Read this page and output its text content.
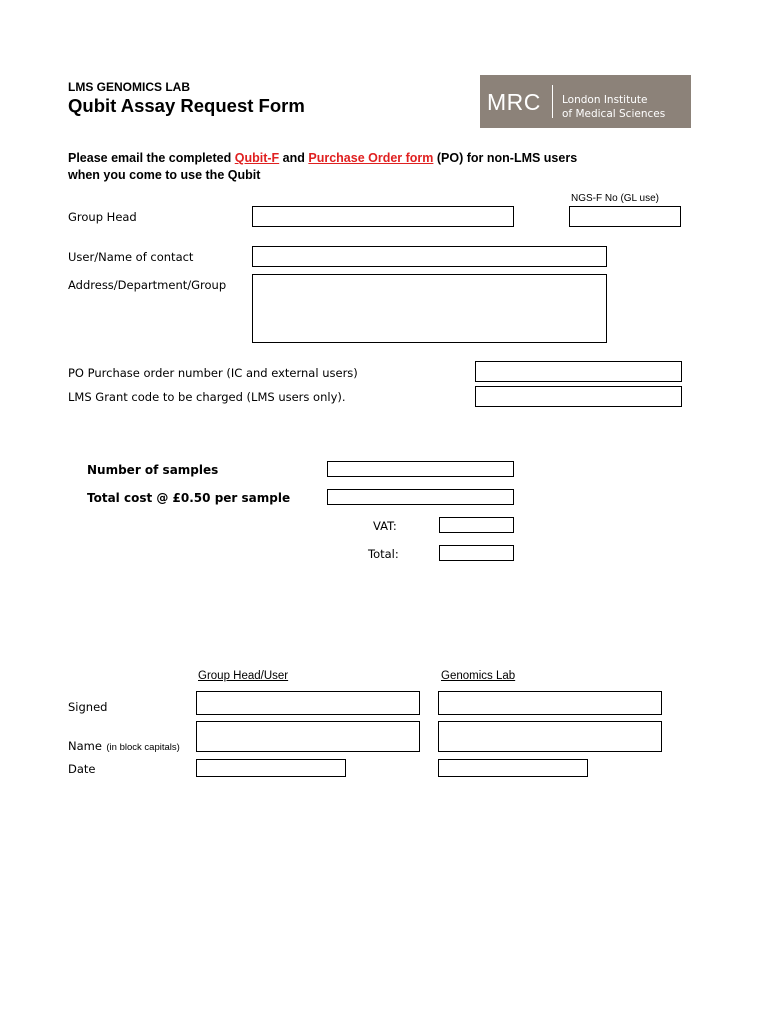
LMS GENOMICS LAB
Qubit Assay Request Form	MRC London Institute
of Medical Sciences
Please email the completed Qubit-F and Purchase Order form (PO) for non-LMS users
when you come to use the Qubit
NGS-F No (GL use)
Group Head
User/Name of contact
Address/Department/Group
PO Purchase order number (IC and external users)
LMS Grant code to be charged (LMS users only).
Number of samples
Total cost @ £0.50 per sample
VAT:
Total:
Group Head/User	Genomics Lab
Signed
Name (in block capitals)
Date
